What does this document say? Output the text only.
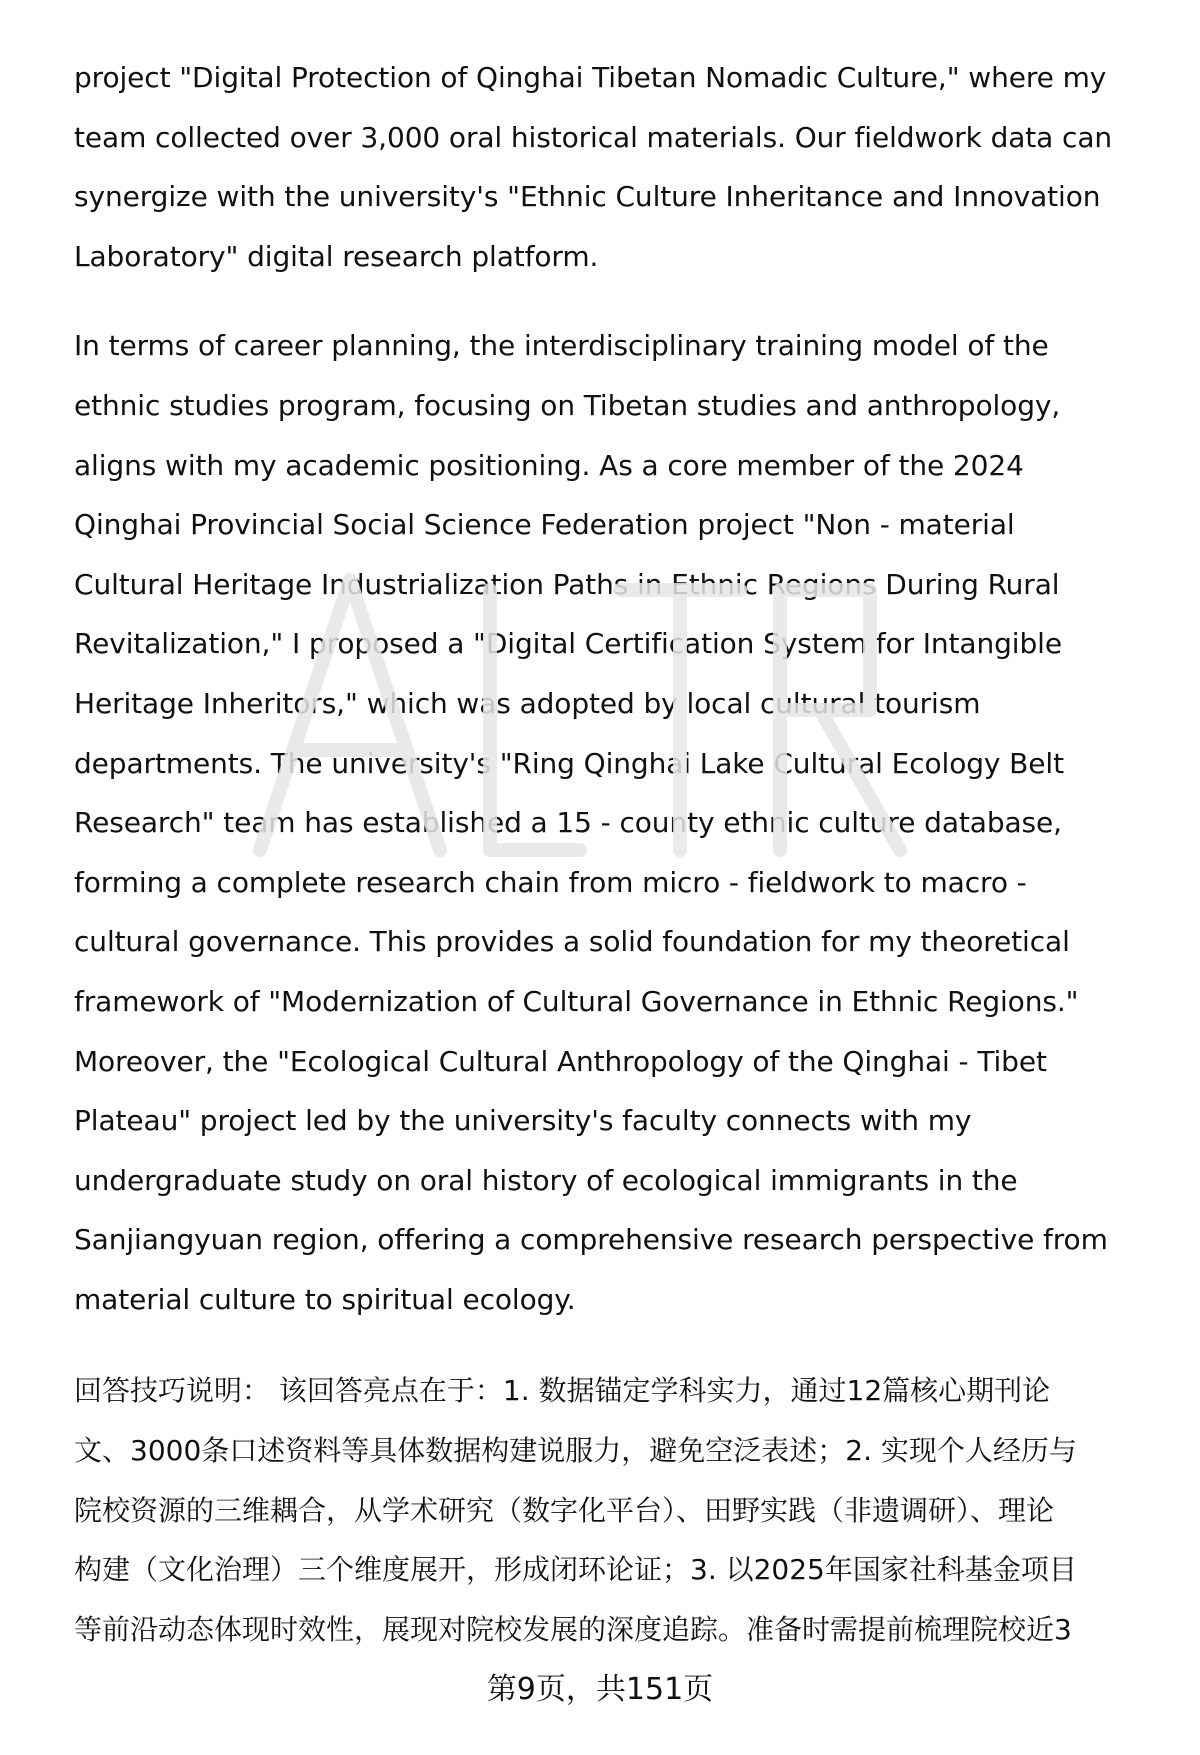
project "Digital Protection of Qinghai Tibetan Nomadic Culture," where my
team collected over 3,000 oral historical materials. Our fieldwork data can
synergize with the university's "Ethnic Culture Inheritance and Innovation
Laboratory" digital research platform.

In terms of career planning, the interdisciplinary training model of the
ethnic studies program, focusing on Tibetan studies and anthropology,
aligns with my academic positioning. As a core member of the 2024
Qinghai Provincial Social Science Federation project "Non - material
Cultural Heritage Industrialization Paths in Ethnic Regions During Rural
Revitalization," I proposed a "Digital Certification System for Intangible
Heritage Inheritors," which was adopted by local cultural tourism
departments. The university's "Ring Qinghai Lake Cultural Ecology Belt
Research" team has established a 15 - county ethnic culture database,
forming a complete research chain from micro - fieldwork to macro -
cultural governance. This provides a solid foundation for my theoretical
framework of "Modernization of Cultural Governance in Ethnic Regions."
Moreover, the "Ecological Cultural Anthropology of the Qinghai - Tibet
Plateau" project led by the university's faculty connects with my
undergraduate study on oral history of ecological immigrants in the
Sanjiangyuan region, offering a comprehensive research perspective from
material culture to spiritual ecology.

回答技巧说明： 该回答亮点在于：1. 数据锚定学科实力，通过12篇核心期刊论
文、3000条口述资料等具体数据构建说服力，避免空泛表述；2. 实现个人经历与
院校资源的三维耦合，从学术研究（数字化平台）、田野实践（非遗调研）、理论
构建（文化治理）三个维度展开，形成闭环论证；3. 以2025年国家社科基金项目
等前沿动态体现时效性，展现对院校发展的深度追踪。准备时需提前梳理院校近3

第9页，共151页
